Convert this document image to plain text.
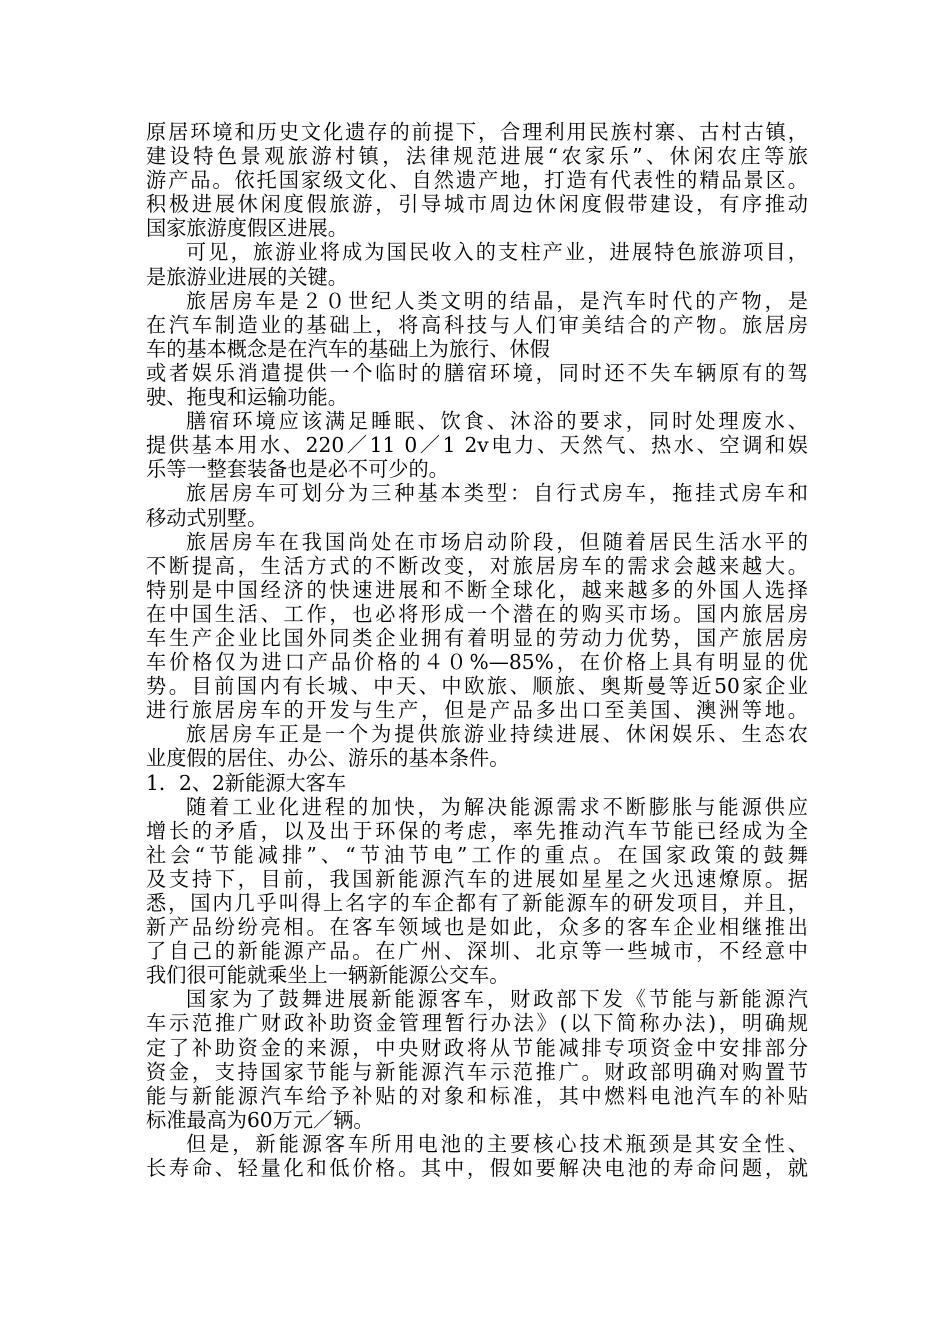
原居环境和历史文化遗存的前提下，合理利用民族村寨、古村古镇，
建设特色景观旅游村镇，法律规范进展“农家乐”、休闲农庄等旅
游产品。依托国家级文化、自然遗产地，打造有代表性的精品景区。
积极进展休闲度假旅游，引导城市周边休闲度假带建设，有序推动
国家旅游度假区进展。
可见，旅游业将成为国民收入的支柱产业，进展特色旅游项目，
是旅游业进展的关键。
旅居房车是２０世纪人类文明的结晶，是汽车时代的产物，是
在汽车制造业的基础上，将高科技与人们审美结合的产物。旅居房
车的基本概念是在汽车的基础上为旅行、休假
或者娱乐消遣提供一个临时的膳宿环境，同时还不失车辆原有的驾
驶、拖曳和运输功能。
膳宿环境应该满足睡眠、饮食、沐浴的要求，同时处理废水、
提供基本用水、220／11 0／1 2v电力、天然气、热水、空调和娱
乐等一整套装备也是必不可少的。
旅居房车可划分为三种基本类型：自行式房车，拖挂式房车和
移动式别墅。
旅居房车在我国尚处在市场启动阶段，但随着居民生活水平的
不断提高，生活方式的不断改变，对旅居房车的需求会越来越大。
特别是中国经济的快速进展和不断全球化，越来越多的外国人选择
在中国生活、工作，也必将形成一个潜在的购买市场。国内旅居房
车生产企业比国外同类企业拥有着明显的劳动力优势，国产旅居房
车价格仅为进口产品价格的４０%—85%，在价格上具有明显的优
势。目前国内有长城、中天、中欧旅、顺旅、奥斯曼等近50家企业
进行旅居房车的开发与生产，但是产品多出口至美国、澳洲等地。
旅居房车正是一个为提供旅游业持续进展、休闲娱乐、生态农
业度假的居住、办公、游乐的基本条件。
1．2、2新能源大客车
随着工业化进程的加快，为解决能源需求不断膨胀与能源供应
增长的矛盾，以及出于环保的考虑，率先推动汽车节能已经成为全
社会“节能减排”、“节油节电”工作的重点。在国家政策的鼓舞
及支持下，目前，我国新能源汽车的进展如星星之火迅速燎原。据
悉，国内几乎叫得上名字的车企都有了新能源车的研发项目，并且，
新产品纷纷亮相。在客车领域也是如此，众多的客车企业相继推出
了自己的新能源产品。在广州、深圳、北京等一些城市，不经意中
我们很可能就乘坐上一辆新能源公交车。
国家为了鼓舞进展新能源客车，财政部下发《节能与新能源汽
车示范推广财政补助资金管理暂行办法》(以下简称办法)，明确规
定了补助资金的来源，中央财政将从节能减排专项资金中安排部分
资金，支持国家节能与新能源汽车示范推广。财政部明确对购置节
能与新能源汽车给予补贴的对象和标准，其中燃料电池汽车的补贴
标准最高为60万元／辆。
但是，新能源客车所用电池的主要核心技术瓶颈是其安全性、
长寿命、轻量化和低价格。其中，假如要解决电池的寿命问题，就
